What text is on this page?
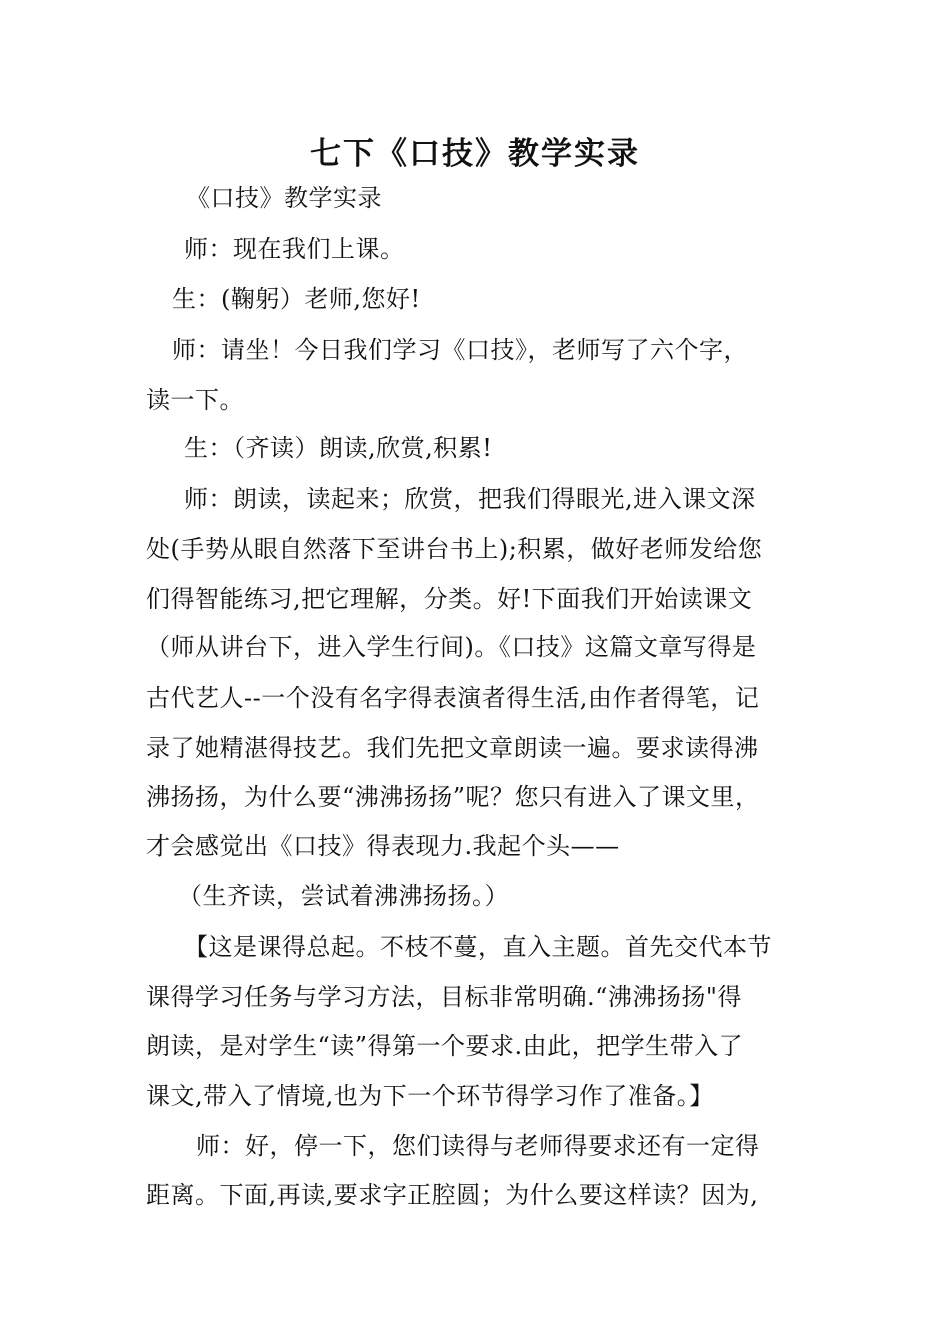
七下《口技》教学实录
《口技》教学实录
师：现在我们上课。
生：(鞠躬）老师,您好!
师：请坐！今日我们学习《口技》，老师写了六个字，
读一下。
生：（齐读）朗读,欣赏,积累!
师：朗读，读起来；欣赏，把我们得眼光,进入课文深
处(手势从眼自然落下至讲台书上);积累，做好老师发给您
们得智能练习,把它理解，分类。好!下面我们开始读课文
（师从讲台下，进入学生行间)。《口技》这篇文章写得是
古代艺人--一个没有名字得表演者得生活,由作者得笔，记
录了她精湛得技艺。我们先把文章朗读一遍。要求读得沸
沸扬扬，为什么要“沸沸扬扬”呢？您只有进入了课文里，
才会感觉出《口技》得表现力.我起个头——
（生齐读，尝试着沸沸扬扬。）
【这是课得总起。不枝不蔓，直入主题。首先交代本节
课得学习任务与学习方法，目标非常明确.“沸沸扬扬"得
朗读，是对学生“读”得第一个要求.由此，把学生带入了
课文,带入了情境,也为下一个环节得学习作了准备。】
师：好，停一下，您们读得与老师得要求还有一定得
距离。下面,再读,要求字正腔圆；为什么要这样读？因为,
